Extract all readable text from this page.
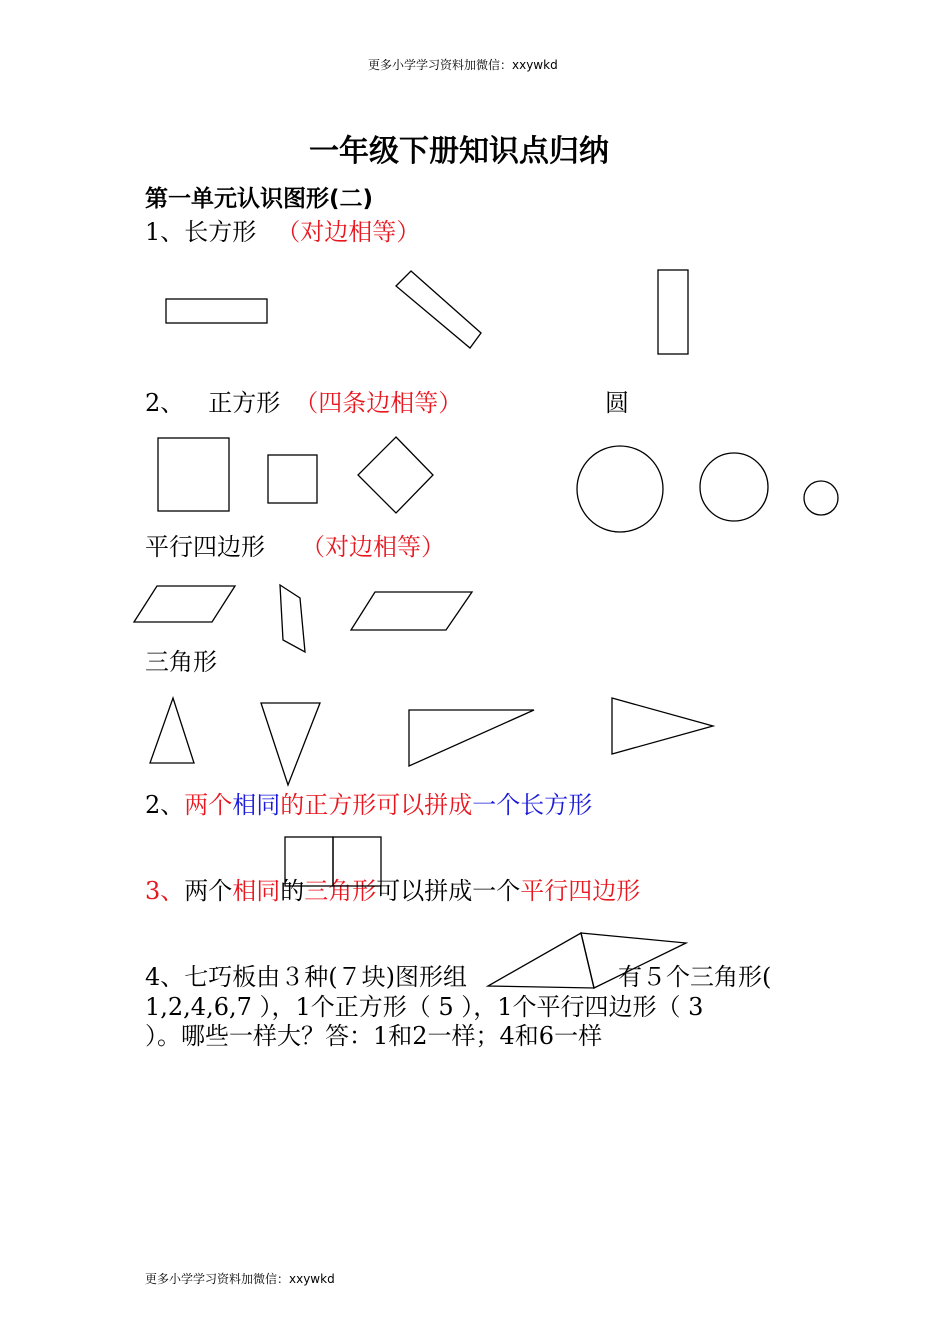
更多小学学习资料加微信：xxywkd
一年级下册知识点归纳
第一单元认识图形(二)
1、长方形 （对边相等）
2、 正方形 （四条边相等）	圆
平行四边形 （对边相等）
三角形
2、两个相同的正方形可以拼成一个长方形
3、两个相同的三角形可以拼成一个平行四边形
4、七巧板由３种(７块)图形组	有５个三角形(
1,2,4,6,7 ），1个正方形（ 5 ），1个平行四边形（ 3
）。哪些一样大？答：1和2一样；4和6一样
更多小学学习资料加微信：xxywkd
